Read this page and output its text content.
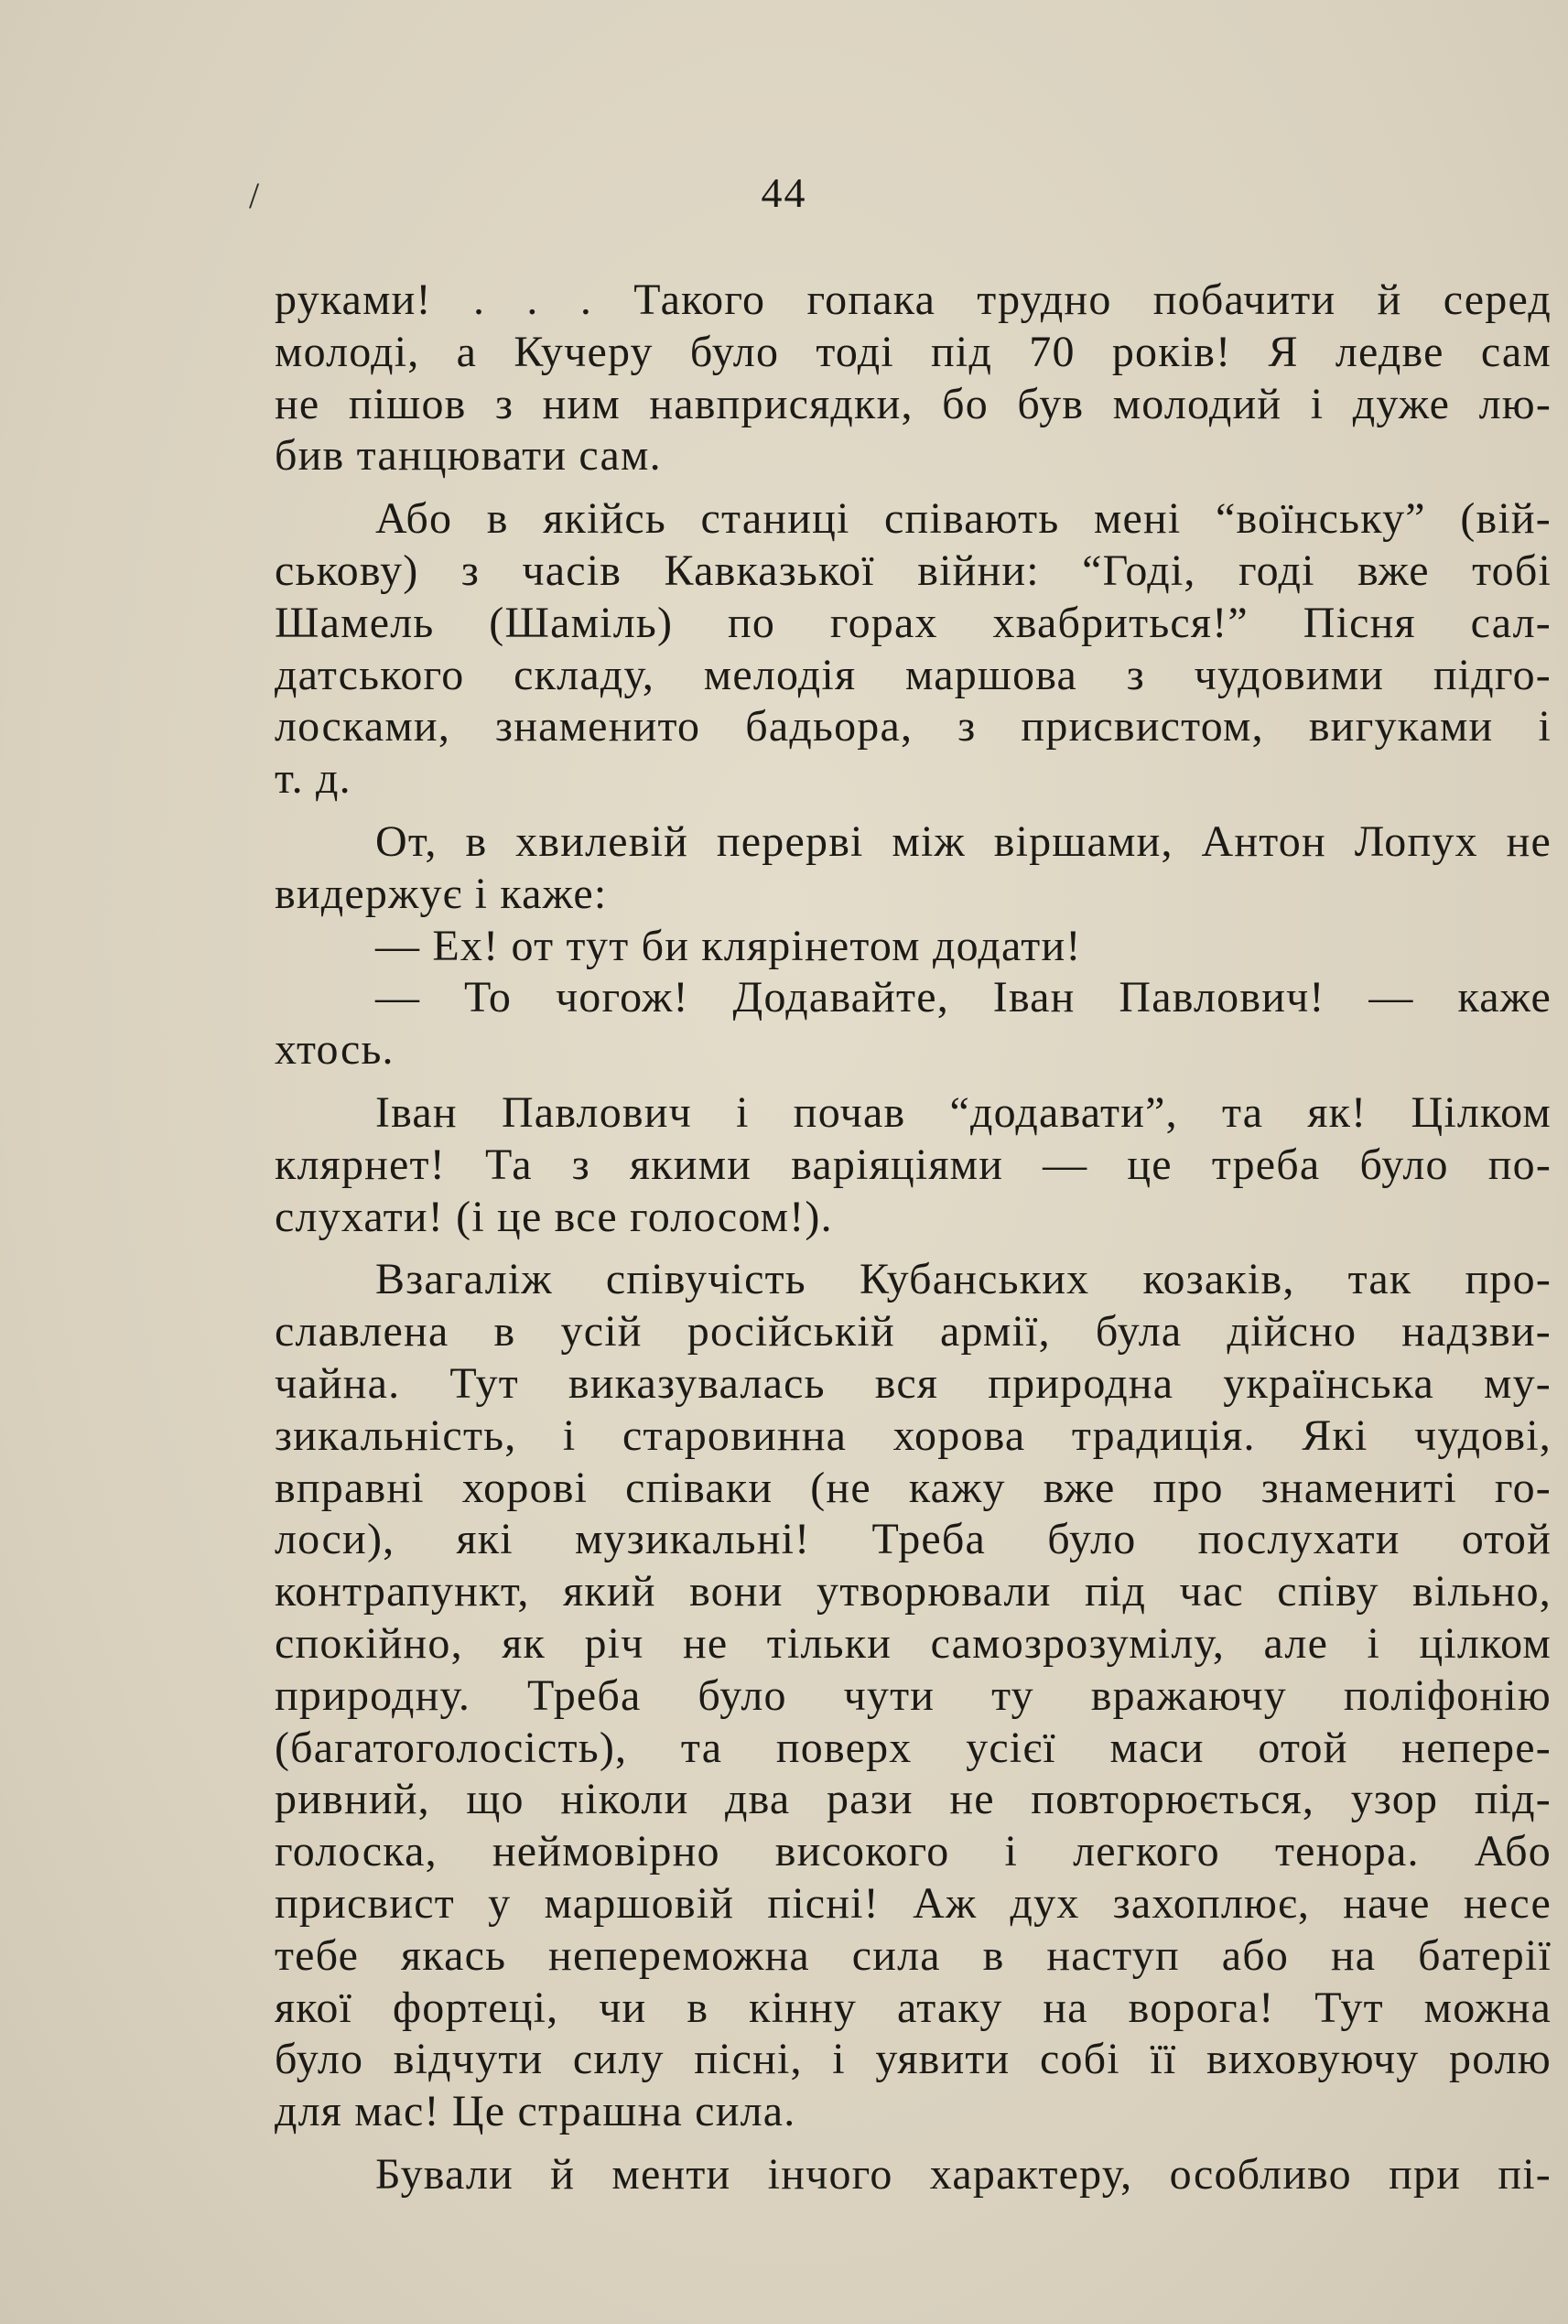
/	44
руками! . . . Такого гопака трудно побачити й серед
молоді, а Кучеру було тоді під 70 років! Я ледве сам
не пішов з ним навприсядки, бо був молодий і дуже лю-
бив танцювати сам.
Або в якійсь станиці співають мені “воїнську” (вій-
ськову) з часів Кавказької війни: “Годі, годі вже тобі
Шамель (Шаміль) по горах хвабриться!” Пісня сал-
датського складу, мелодія маршова з чудовими підго-
лосками, знаменито бадьора, з присвистом, вигуками і
т. д.
От, в хвилевій перерві між віршами, Антон Лопух не
видержує і каже:
— Ех! от тут би клярінетом додати!
— То чогож! Додавайте, Іван Павлович! — каже
хтось.
Іван Павлович і почав “додавати”, та як! Цілком
клярнет! Та з якими варіяціями — це треба було по-
слухати! (і це все голосом!).
Взагаліж співучість Кубанських козаків, так про-
славлена в усій російській армії, була дійсно надзви-
чайна. Тут виказувалась вся природна українська му-
зикальність, і старовинна хорова традиція. Які чудові,
вправні хорові співаки (не кажу вже про знамениті го-
лоси), які музикальні! Треба було послухати отой
контрапункт, який вони утворювали під час співу вільно,
спокійно, як річ не тільки самозрозумілу, але і цілком
природну. Треба було чути ту вражаючу поліфонію
(багатоголосість), та поверх усієї маси отой непере-
ривний, що ніколи два рази не повторюється, узор під-
голоска, неймовірно високого і легкого тенора. Або
присвист у маршовій пісні! Аж дух захоплює, наче несе
тебе якась непереможна сила в наступ або на батерії
якої фортеці, чи в кінну атаку на ворога! Тут можна
було відчути силу пісні, і уявити собі її виховуючу ролю
для мас! Це страшна сила.
Бували й менти інчого характеру, особливо при пі-
